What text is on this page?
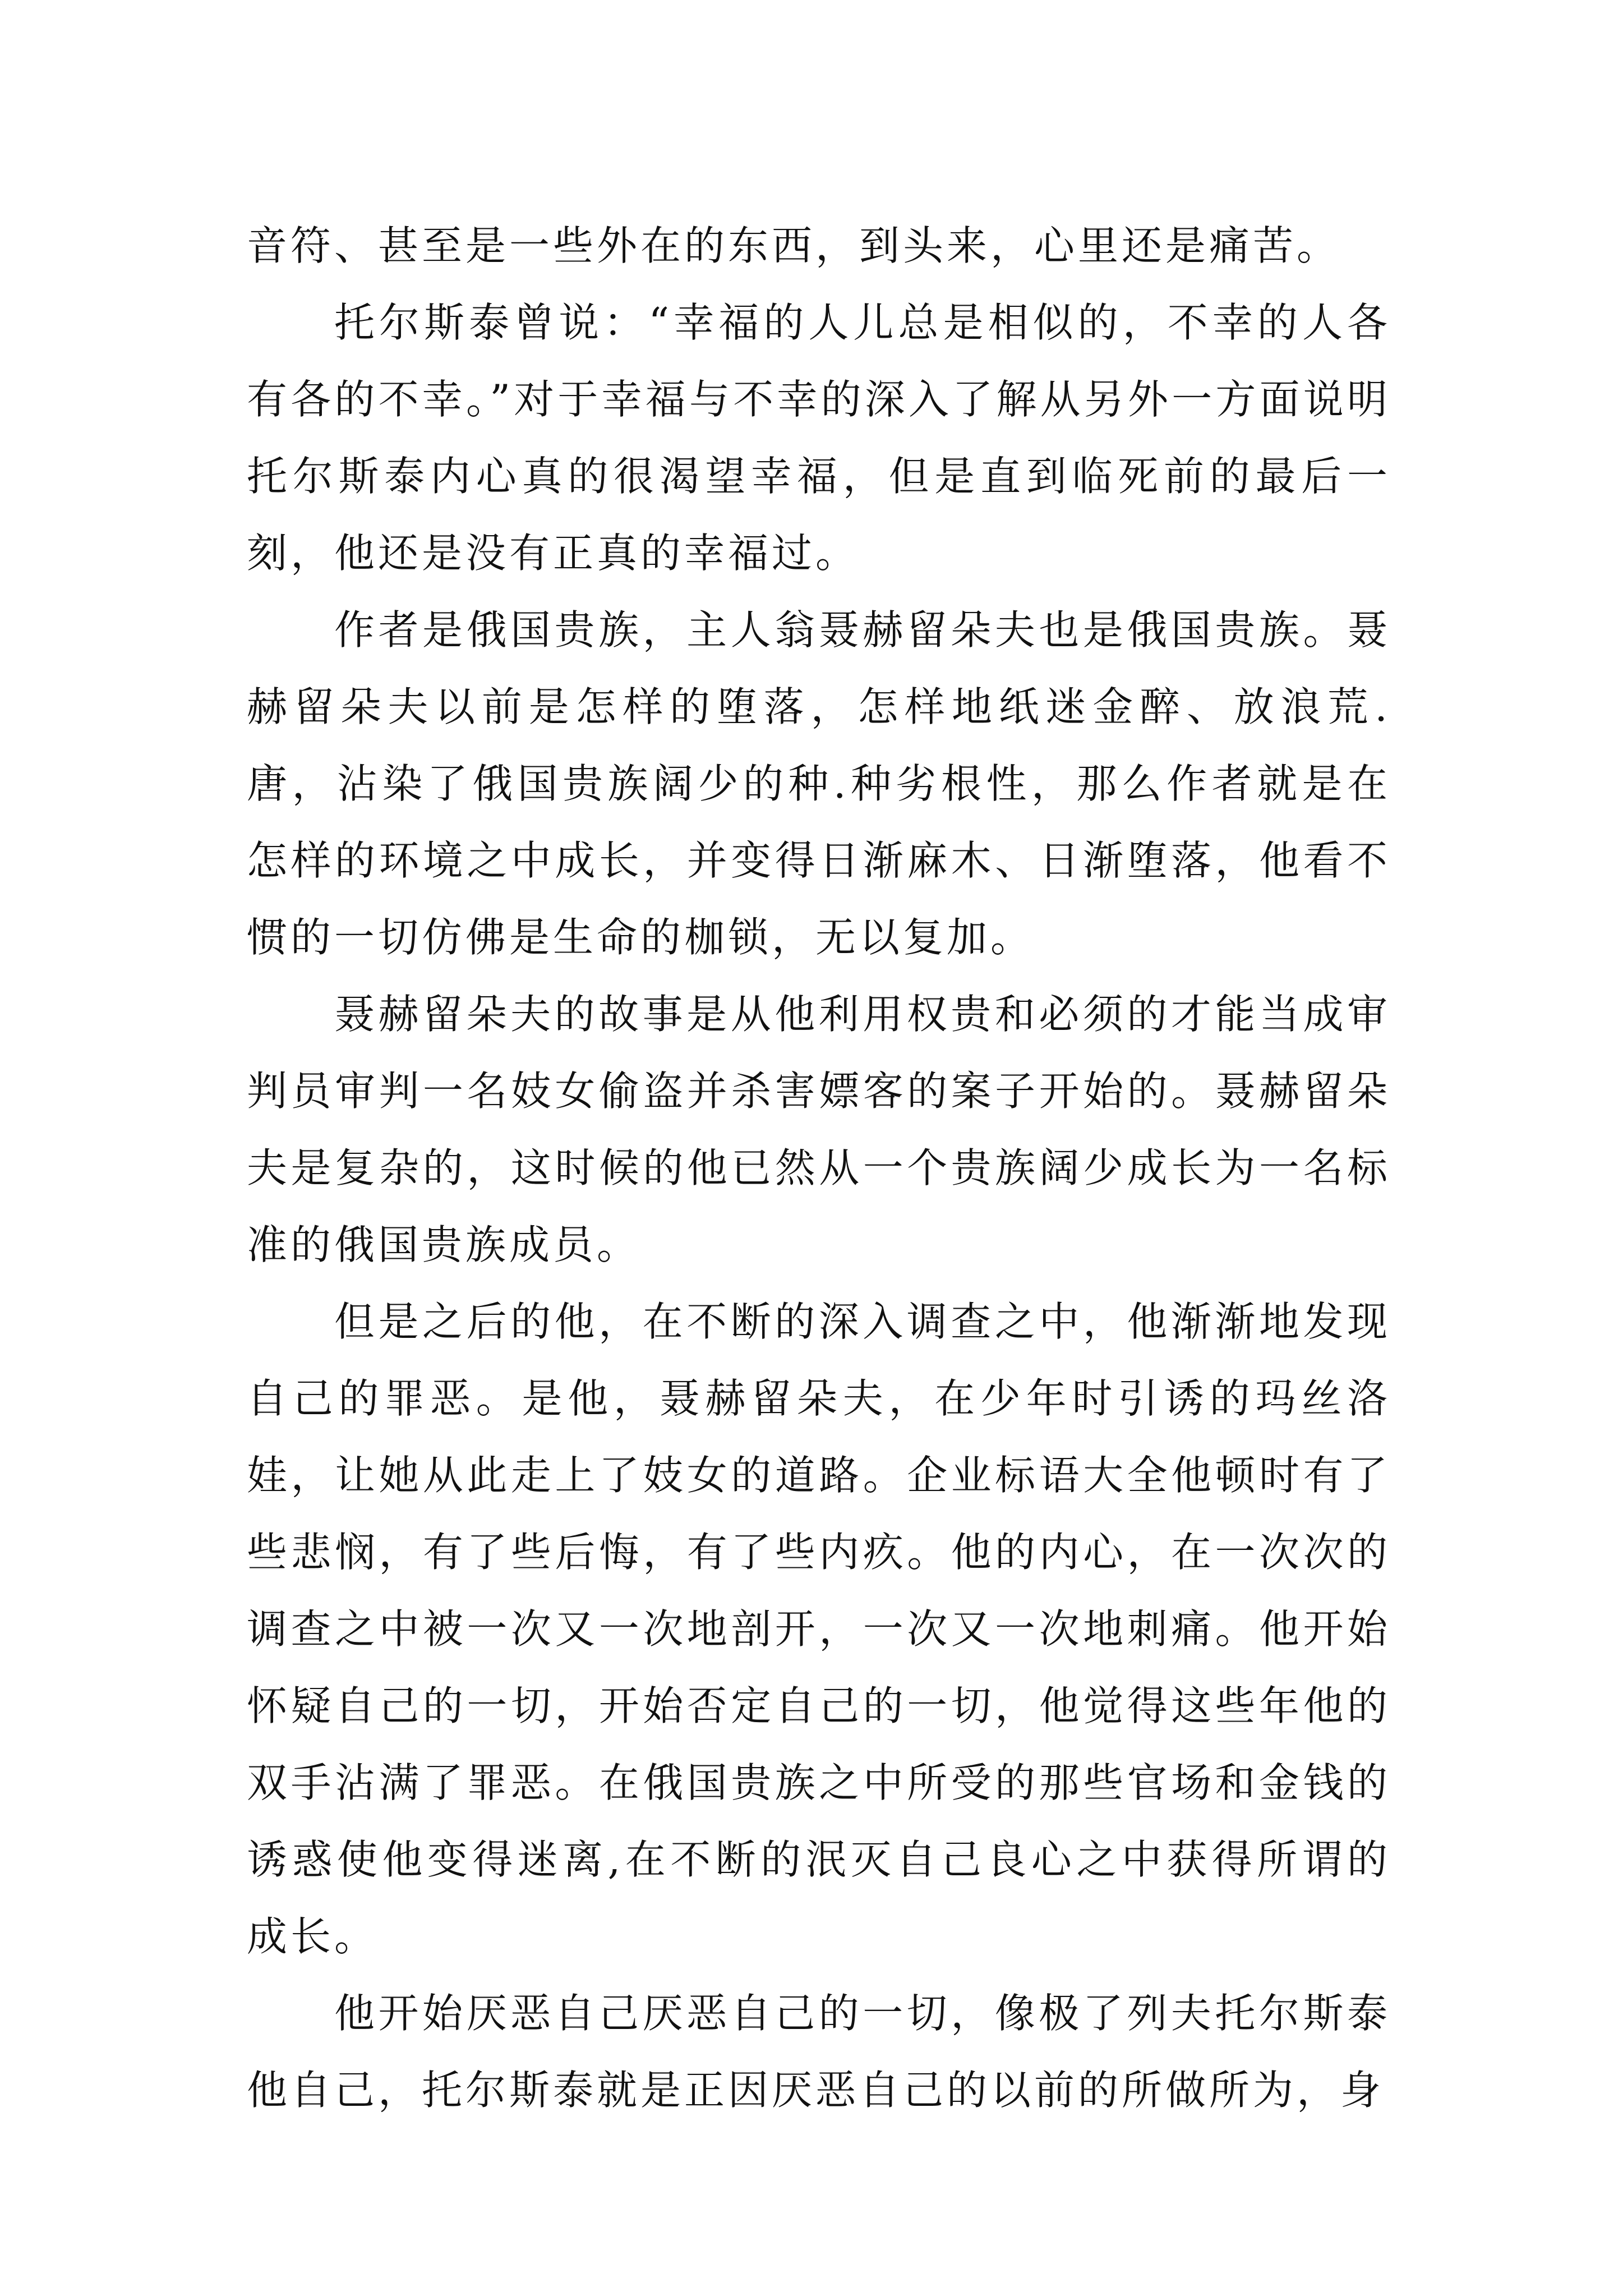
音符、甚至是一些外在的东西，到头来，心里还是痛苦。

托尔斯泰曾说：“幸福的人儿总是相似的，不幸的人各有各的不幸。”对于幸福与不幸的深入了解从另外一方面说明托尔斯泰内心真的很渴望幸福，但是直到临死前的最后一刻，他还是没有正真的幸福过。

作者是俄国贵族，主人翁聂赫留朵夫也是俄国贵族。聂赫留朵夫以前是怎样的堕落，怎样地纸迷金醉、放浪荒.唐，沾染了俄国贵族阔少的种.种劣根性，那么作者就是在怎样的环境之中成长，并变得日渐麻木、日渐堕落，他看不惯的一切仿佛是生命的枷锁，无以复加。

聂赫留朵夫的故事是从他利用权贵和必须的才能当成审判员审判一名妓女偷盗并杀害嫖客的案子开始的。聂赫留朵夫是复杂的，这时候的他已然从一个贵族阔少成长为一名标准的俄国贵族成员。

但是之后的他，在不断的深入调查之中，他渐渐地发现自己的罪恶。是他，聂赫留朵夫，在少年时引诱的玛丝洛娃，让她从此走上了妓女的道路。企业标语大全他顿时有了些悲悯，有了些后悔，有了些内疚。他的内心，在一次次的调查之中被一次又一次地剖开，一次又一次地刺痛。他开始怀疑自己的一切，开始否定自己的一切，他觉得这些年他的双手沾满了罪恶。在俄国贵族之中所受的那些官场和金钱的诱惑使他变得迷离,在不断的泯灭自己良心之中获得所谓的成长。

他开始厌恶自己厌恶自己的一切，像极了列夫托尔斯泰他自己，托尔斯泰就是正因厌恶自己的以前的所做所为，身
